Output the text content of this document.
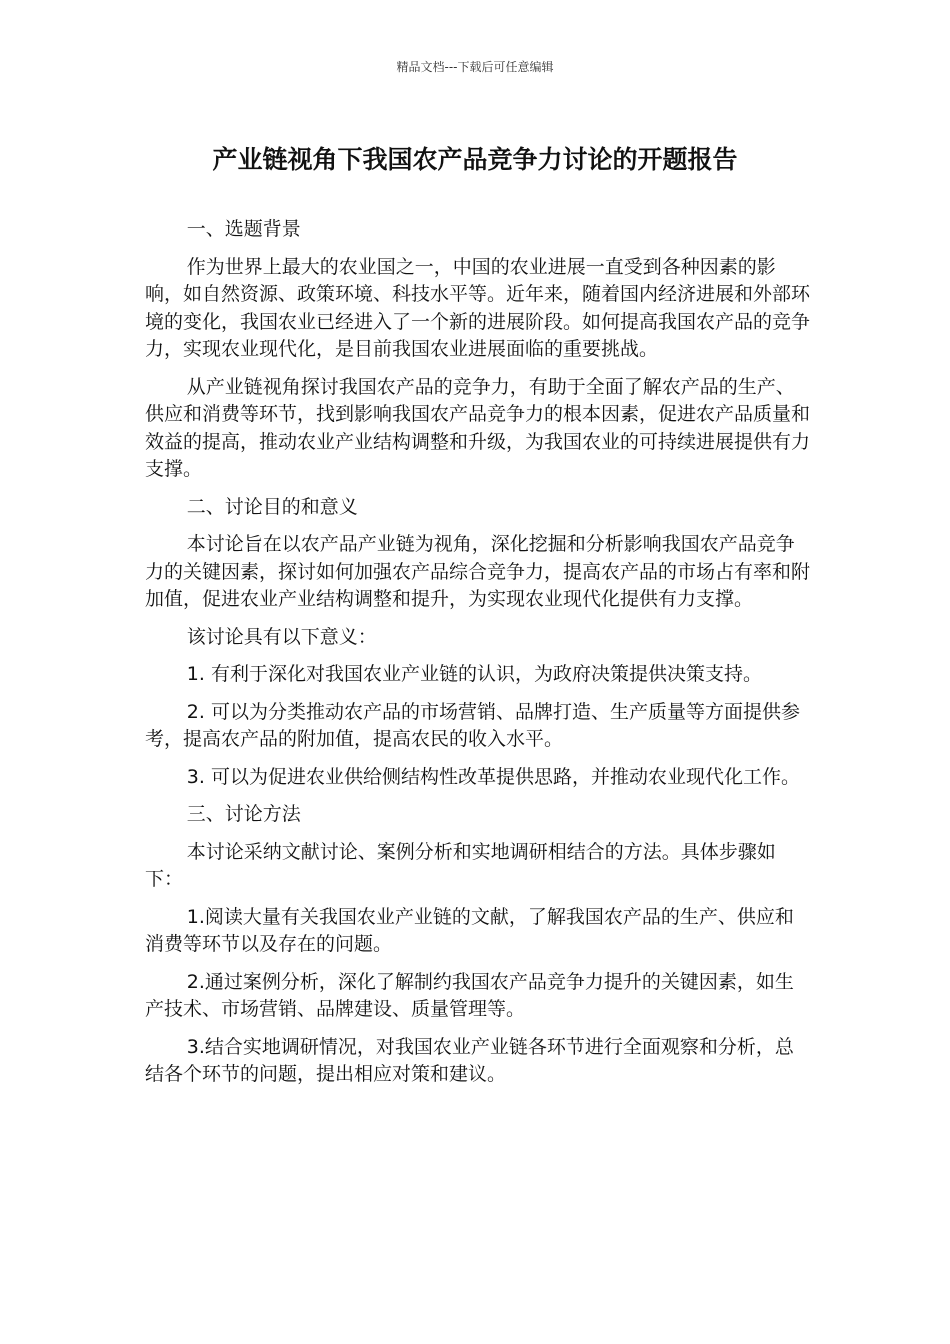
精品文档---下载后可任意编辑
产业链视角下我国农产品竞争力讨论的开题报告

一、选题背景

作为世界上最大的农业国之一，中国的农业进展一直受到各种因素的影响，如自然资源、政策环境、科技水平等。近年来，随着国内经济进展和外部环境的变化，我国农业已经进入了一个新的进展阶段。如何提高我国农产品的竞争力，实现农业现代化，是目前我国农业进展面临的重要挑战。

从产业链视角探讨我国农产品的竞争力，有助于全面了解农产品的生产、供应和消费等环节，找到影响我国农产品竞争力的根本因素，促进农产品质量和效益的提高，推动农业产业结构调整和升级，为我国农业的可持续进展提供有力支撑。

二、讨论目的和意义

本讨论旨在以农产品产业链为视角，深化挖掘和分析影响我国农产品竞争力的关键因素，探讨如何加强农产品综合竞争力，提高农产品的市场占有率和附加值，促进农业产业结构调整和提升，为实现农业现代化提供有力支撑。

该讨论具有以下意义：

1. 有利于深化对我国农业产业链的认识，为政府决策提供决策支持。

2. 可以为分类推动农产品的市场营销、品牌打造、生产质量等方面提供参考，提高农产品的附加值，提高农民的收入水平。

3. 可以为促进农业供给侧结构性改革提供思路，并推动农业现代化工作。

三、讨论方法

本讨论采纳文献讨论、案例分析和实地调研相结合的方法。具体步骤如下：

1.阅读大量有关我国农业产业链的文献，了解我国农产品的生产、供应和消费等环节以及存在的问题。

2.通过案例分析，深化了解制约我国农产品竞争力提升的关键因素，如生产技术、市场营销、品牌建设、质量管理等。

3.结合实地调研情况，对我国农业产业链各环节进行全面观察和分析，总结各个环节的问题，提出相应对策和建议。
